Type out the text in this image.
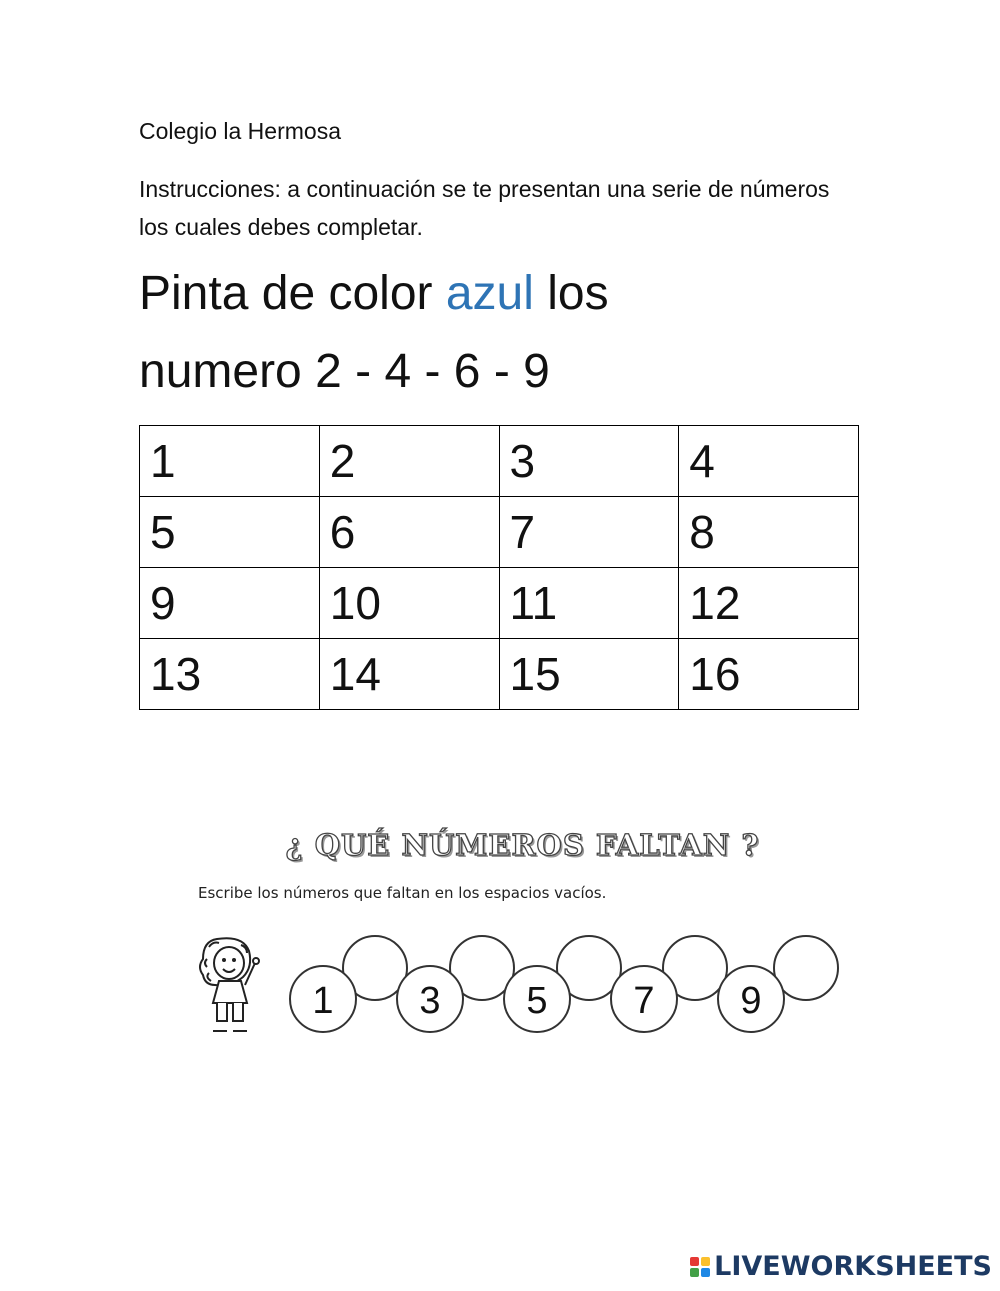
Colegio la Hermosa
Instrucciones: a continuación se te presentan una serie de números los cuales debes completar.
Pinta de color azul los
numero 2 - 4 - 6 - 9
1	2	3	4
5	6	7	8
9	10	11	12
13	14	15	16
¿ QUÉ NÚMEROS FALTAN ?
Escribe los números que faltan en los espacios vacíos.
1 3 5 7 9
LIVEWORKSHEETS
